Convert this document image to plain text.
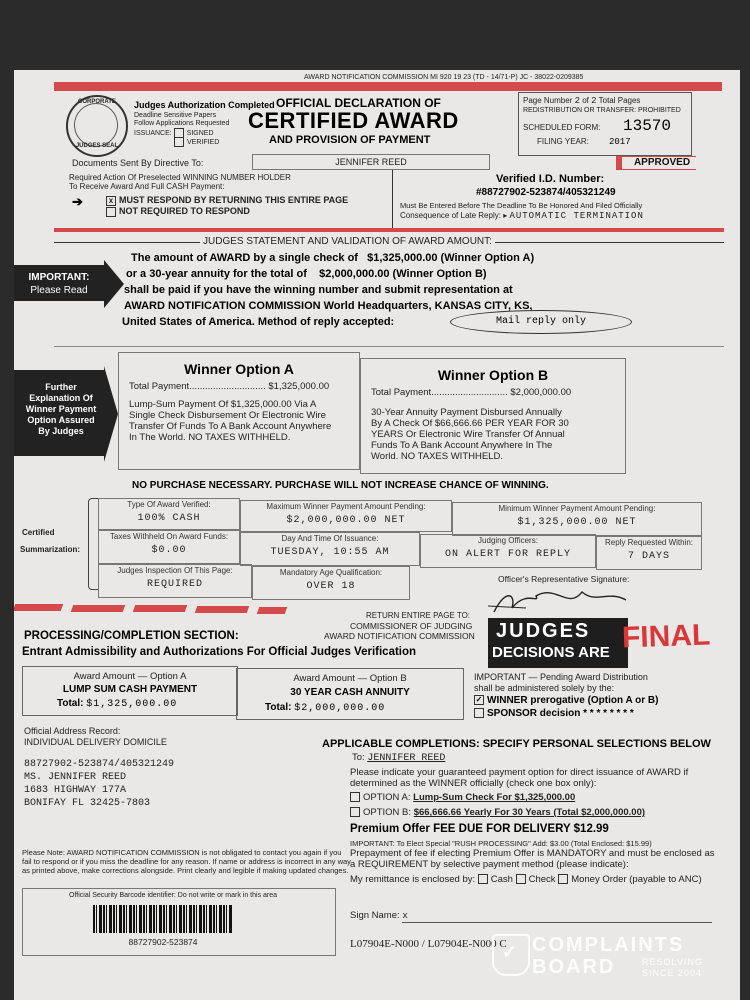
AWARD NOTIFICATION COMMISSION MI 920 19 23 (TD - 14/71-P) JC - 38022-0209385
CORPORATE
JUDGES SEAL
Judges Authorization Completed
Deadline Sensitive Papers
Follow Applications Requested
ISSUANCE: SIGNED
VERIFIED
OFFICIAL DECLARATION OF
CERTIFIED AWARD
AND PROVISION OF PAYMENT
Page Number 2 of 2 Total Pages
REDISTRIBUTION OR TRANSFER: PROHIBITED
SCHEDULED FORM: 13570
FILING YEAR: 2017
APPROVED
Documents Sent By Directive To:	JENNIFER REED
Required Action Of Preselected WINNING NUMBER HOLDER
To Receive Award And Full CASH Payment:
➔	x MUST RESPOND BY RETURNING THIS ENTIRE PAGE
NOT REQUIRED TO RESPOND
Verified I.D. Number:
#88727902-523874/405321249
Must Be Entered Before The Deadline To Be Honored And Filed Officially
Consequence of Late Reply: ▸ AUTOMATIC TERMINATION
JUDGES STATEMENT AND VALIDATION OF AWARD AMOUNT:
IMPORTANT:
Please Read
The amount of AWARD by a single check of $1,325,000.00 (Winner Option A)
or a 30-year annuity for the total of $2,000,000.00 (Winner Option B)
shall be paid if you have the winning number and submit representation at
AWARD NOTIFICATION COMMISSION World Headquarters, KANSAS CITY, KS,
United States of America. Method of reply accepted:	Mail reply only
Further Explanation Of Winner Payment Option Assured By Judges
Winner Option A
Total Payment............................. $1,325,000.00
Lump-Sum Payment Of $1,325,000.00 Via A Single Check Disbursement Or Electronic Wire Transfer Of Funds To A Bank Account Anywhere In The World. NO TAXES WITHHELD.
Winner Option B
Total Payment............................. $2,000,000.00
30-Year Annuity Payment Disbursed Annually By A Check Of $66,666.66 PER YEAR FOR 30 YEARS Or Electronic Wire Transfer Of Annual Funds To A Bank Account Anywhere In The World. NO TAXES WITHHELD.
NO PURCHASE NECESSARY. PURCHASE WILL NOT INCREASE CHANCE OF WINNING.
Certified
Summarization:
Type Of Award Verified:
100% CASH
Maximum Winner Payment Amount Pending:
$2,000,000.00 NET
Minimum Winner Payment Amount Pending:
$1,325,000.00 NET
Taxes Withheld On Award Funds:
$0.00
Day And Time Of Issuance:
TUESDAY, 10:55 AM
Judging Officers:
ON ALERT FOR REPLY
Reply Requested Within:
7 DAYS
Judges Inspection Of This Page:
REQUIRED
Mandatory Age Qualification:
OVER 18
Officer's Representative Signature:
RETURN ENTIRE PAGE TO:
COMMISSIONER OF JUDGING
AWARD NOTIFICATION COMMISSION JUDGES
DECISIONS ARE FINAL
PROCESSING/COMPLETION SECTION:
Entrant Admissibility and Authorizations For Official Judges Verification
Award Amount — Option A
LUMP SUM CASH PAYMENT
Total: $1,325,000.00
Award Amount — Option B
30 YEAR CASH ANNUITY
Total: $2,000,000.00
IMPORTANT — Pending Award Distribution
shall be administered solely by the:
✓ WINNER prerogative (Option A or B)
SPONSOR decision * * * * * * * *
Official Address Record:
INDIVIDUAL DELIVERY DOMICILE
88727902-523874/405321249
MS. JENNIFER REED
1683 HIGHWAY 177A
BONIFAY FL 32425-7803
Please Note: AWARD NOTIFICATION COMMISSION is not obligated to contact you again if you fail to respond or if you miss the deadline for any reason. If name or address is incorrect in any way as printed above, make corrections alongside. Print clearly and legible if making updated changes.
Official Security Barcode identifier: Do not write or mark in this area
88727902-523874
APPLICABLE COMPLETIONS: SPECIFY PERSONAL SELECTIONS BELOW
To: JENNIFER REED
Please indicate your guaranteed payment option for direct issuance of AWARD if determined as the WINNER officially (check one box only):
OPTION A: Lump-Sum Check For $1,325,000.00
OPTION B: $66,666.66 Yearly For 30 Years (Total $2,000,000.00)
Premium Offer FEE DUE FOR DELIVERY $12.99
IMPORTANT: To Elect Special "RUSH PROCESSING" Add: $3.00 (Total Enclosed: $15.99)
Prepayment of fee if electing Premium Offer is MANDATORY and must be enclosed as a REQUIREMENT by selective payment method (please indicate):
My remittance is enclosed by: Cash Check Money Order (payable to ANC)
Sign Name: x
L07904E-N000 / L07904E-N000 C
✓ COMPLAINTS
BOARD	RESOLVING
SINCE 2004
